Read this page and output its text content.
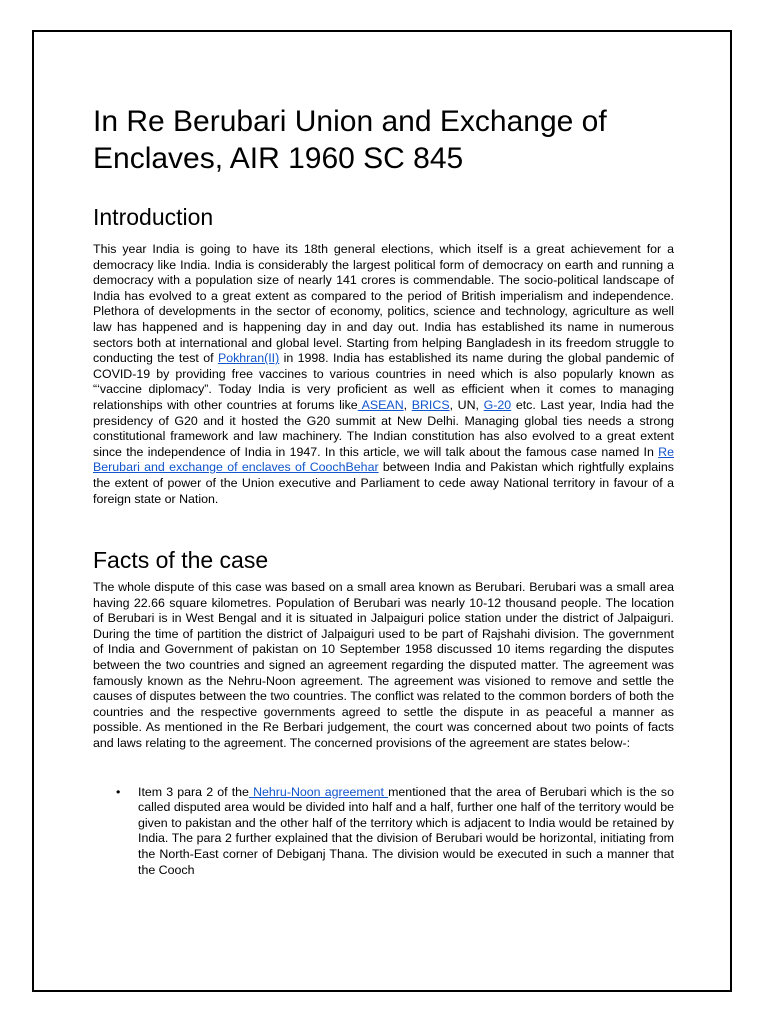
In Re Berubari Union and Exchange of Enclaves, AIR 1960 SC 845
Introduction

This year India is going to have its 18th general elections, which itself is a great achievement for a democracy like India. India is considerably the largest political form of democracy on earth and running a democracy with a population size of nearly 141 crores is commendable. The socio-political landscape of India has evolved to a great extent as compared to the period of British imperialism and independence. Plethora of developments in the sector of economy, politics, science and technology, agriculture as well law has happened and is happening day in and day out. India has established its name in numerous sectors both at international and global level. Starting from helping Bangladesh in its freedom struggle to conducting the test of Pokhran(II) in 1998. India has established its name during the global pandemic of COVID-19 by providing free vaccines to various countries in need which is also popularly known as “‘vaccine diplomacy”. Today India is very proficient as well as efficient when it comes to managing relationships with other countries at forums like ASEAN, BRICS, UN, G-20 etc. Last year, India had the presidency of G20 and it hosted the G20 summit at New Delhi. Managing global ties needs a strong constitutional framework and law machinery. The Indian constitution has also evolved to a great extent since the independence of India in 1947. In this article, we will talk about the famous case named In Re Berubari and exchange of enclaves of CoochBehar between India and Pakistan which rightfully explains the extent of power of the Union executive and Parliament to cede away National territory in favour of a foreign state or Nation.

Facts of the case

The whole dispute of this case was based on a small area known as Berubari. Berubari was a small area having 22.66 square kilometres. Population of Berubari was nearly 10-12 thousand people. The location of Berubari is in West Bengal and it is situated in Jalpaiguri police station under the district of Jalpaiguri. During the time of partition the district of Jalpaiguri used to be part of Rajshahi division. The government of India and Government of pakistan on 10 September 1958 discussed 10 items regarding the disputes between the two countries and signed an agreement regarding the disputed matter. The agreement was famously known as the Nehru-Noon agreement. The agreement was visioned to remove and settle the causes of disputes between the two countries. The conflict was related to the common borders of both the countries and the respective governments agreed to settle the dispute in as peaceful a manner as possible. As mentioned in the Re Berbari judgement, the court was concerned about two points of facts and laws relating to the agreement. The concerned provisions of the agreement are states below-:

• Item 3 para 2 of the Nehru-Noon agreement mentioned that the area of Berubari which is the so called disputed area would be divided into half and a half, further one half of the territory would be given to pakistan and the other half of the territory which is adjacent to India would be retained by India. The para 2 further explained that the division of Berubari would be horizontal, initiating from the North-East corner of Debiganj Thana. The division would be executed in such a manner that the Cooch
